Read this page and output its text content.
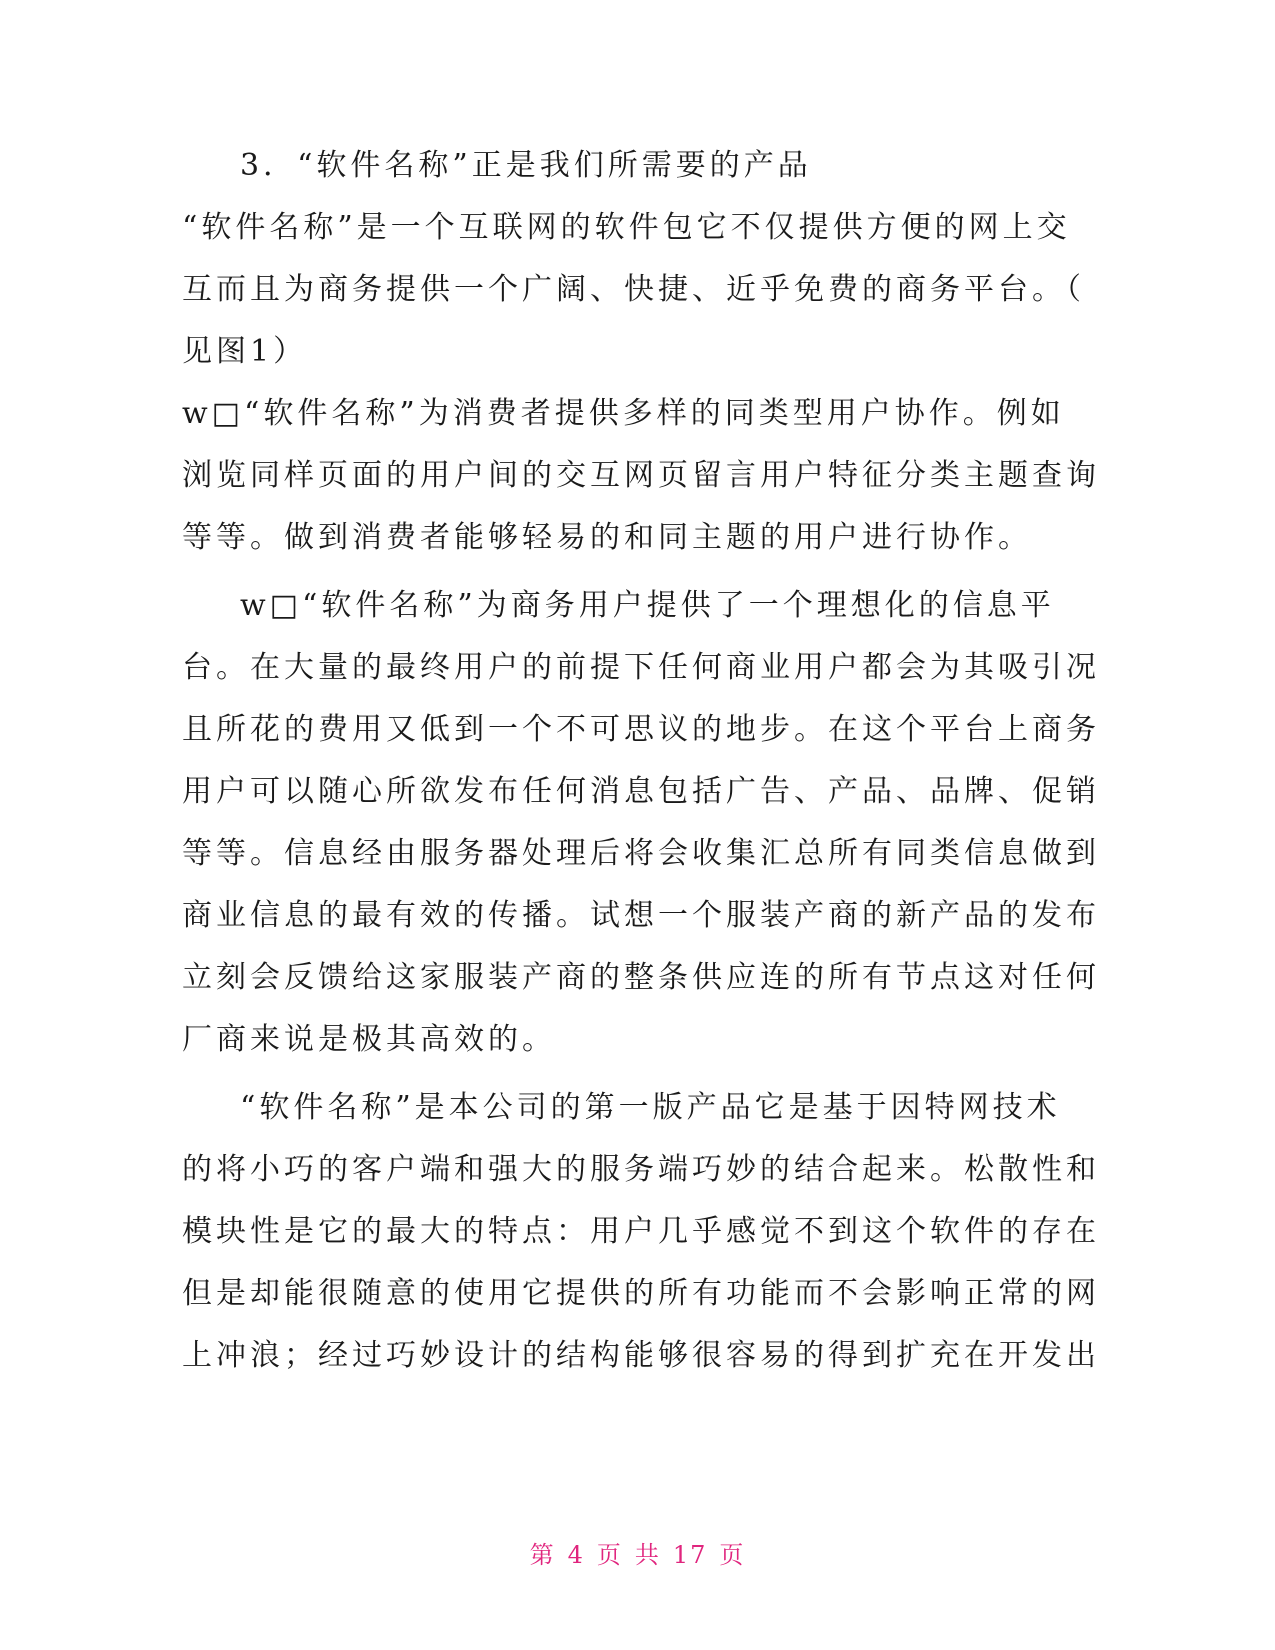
3．“软件名称”正是我们所需要的产品
“软件名称”是一个互联网的软件包它不仅提供方便的网上交
互而且为商务提供一个广阔、快捷、近乎免费的商务平台。（
见图1）
w□“软件名称”为消费者提供多样的同类型用户协作。例如
浏览同样页面的用户间的交互网页留言用户特征分类主题查询
等等。做到消费者能够轻易的和同主题的用户进行协作。
w□“软件名称”为商务用户提供了一个理想化的信息平
台。在大量的最终用户的前提下任何商业用户都会为其吸引况
且所花的费用又低到一个不可思议的地步。在这个平台上商务
用户可以随心所欲发布任何消息包括广告、产品、品牌、促销
等等。信息经由服务器处理后将会收集汇总所有同类信息做到
商业信息的最有效的传播。试想一个服装产商的新产品的发布
立刻会反馈给这家服装产商的整条供应连的所有节点这对任何
厂商来说是极其高效的。
“软件名称”是本公司的第一版产品它是基于因特网技术
的将小巧的客户端和强大的服务端巧妙的结合起来。松散性和
模块性是它的最大的特点：用户几乎感觉不到这个软件的存在
但是却能很随意的使用它提供的所有功能而不会影响正常的网
上冲浪；经过巧妙设计的结构能够很容易的得到扩充在开发出
第 4 页 共 17 页
